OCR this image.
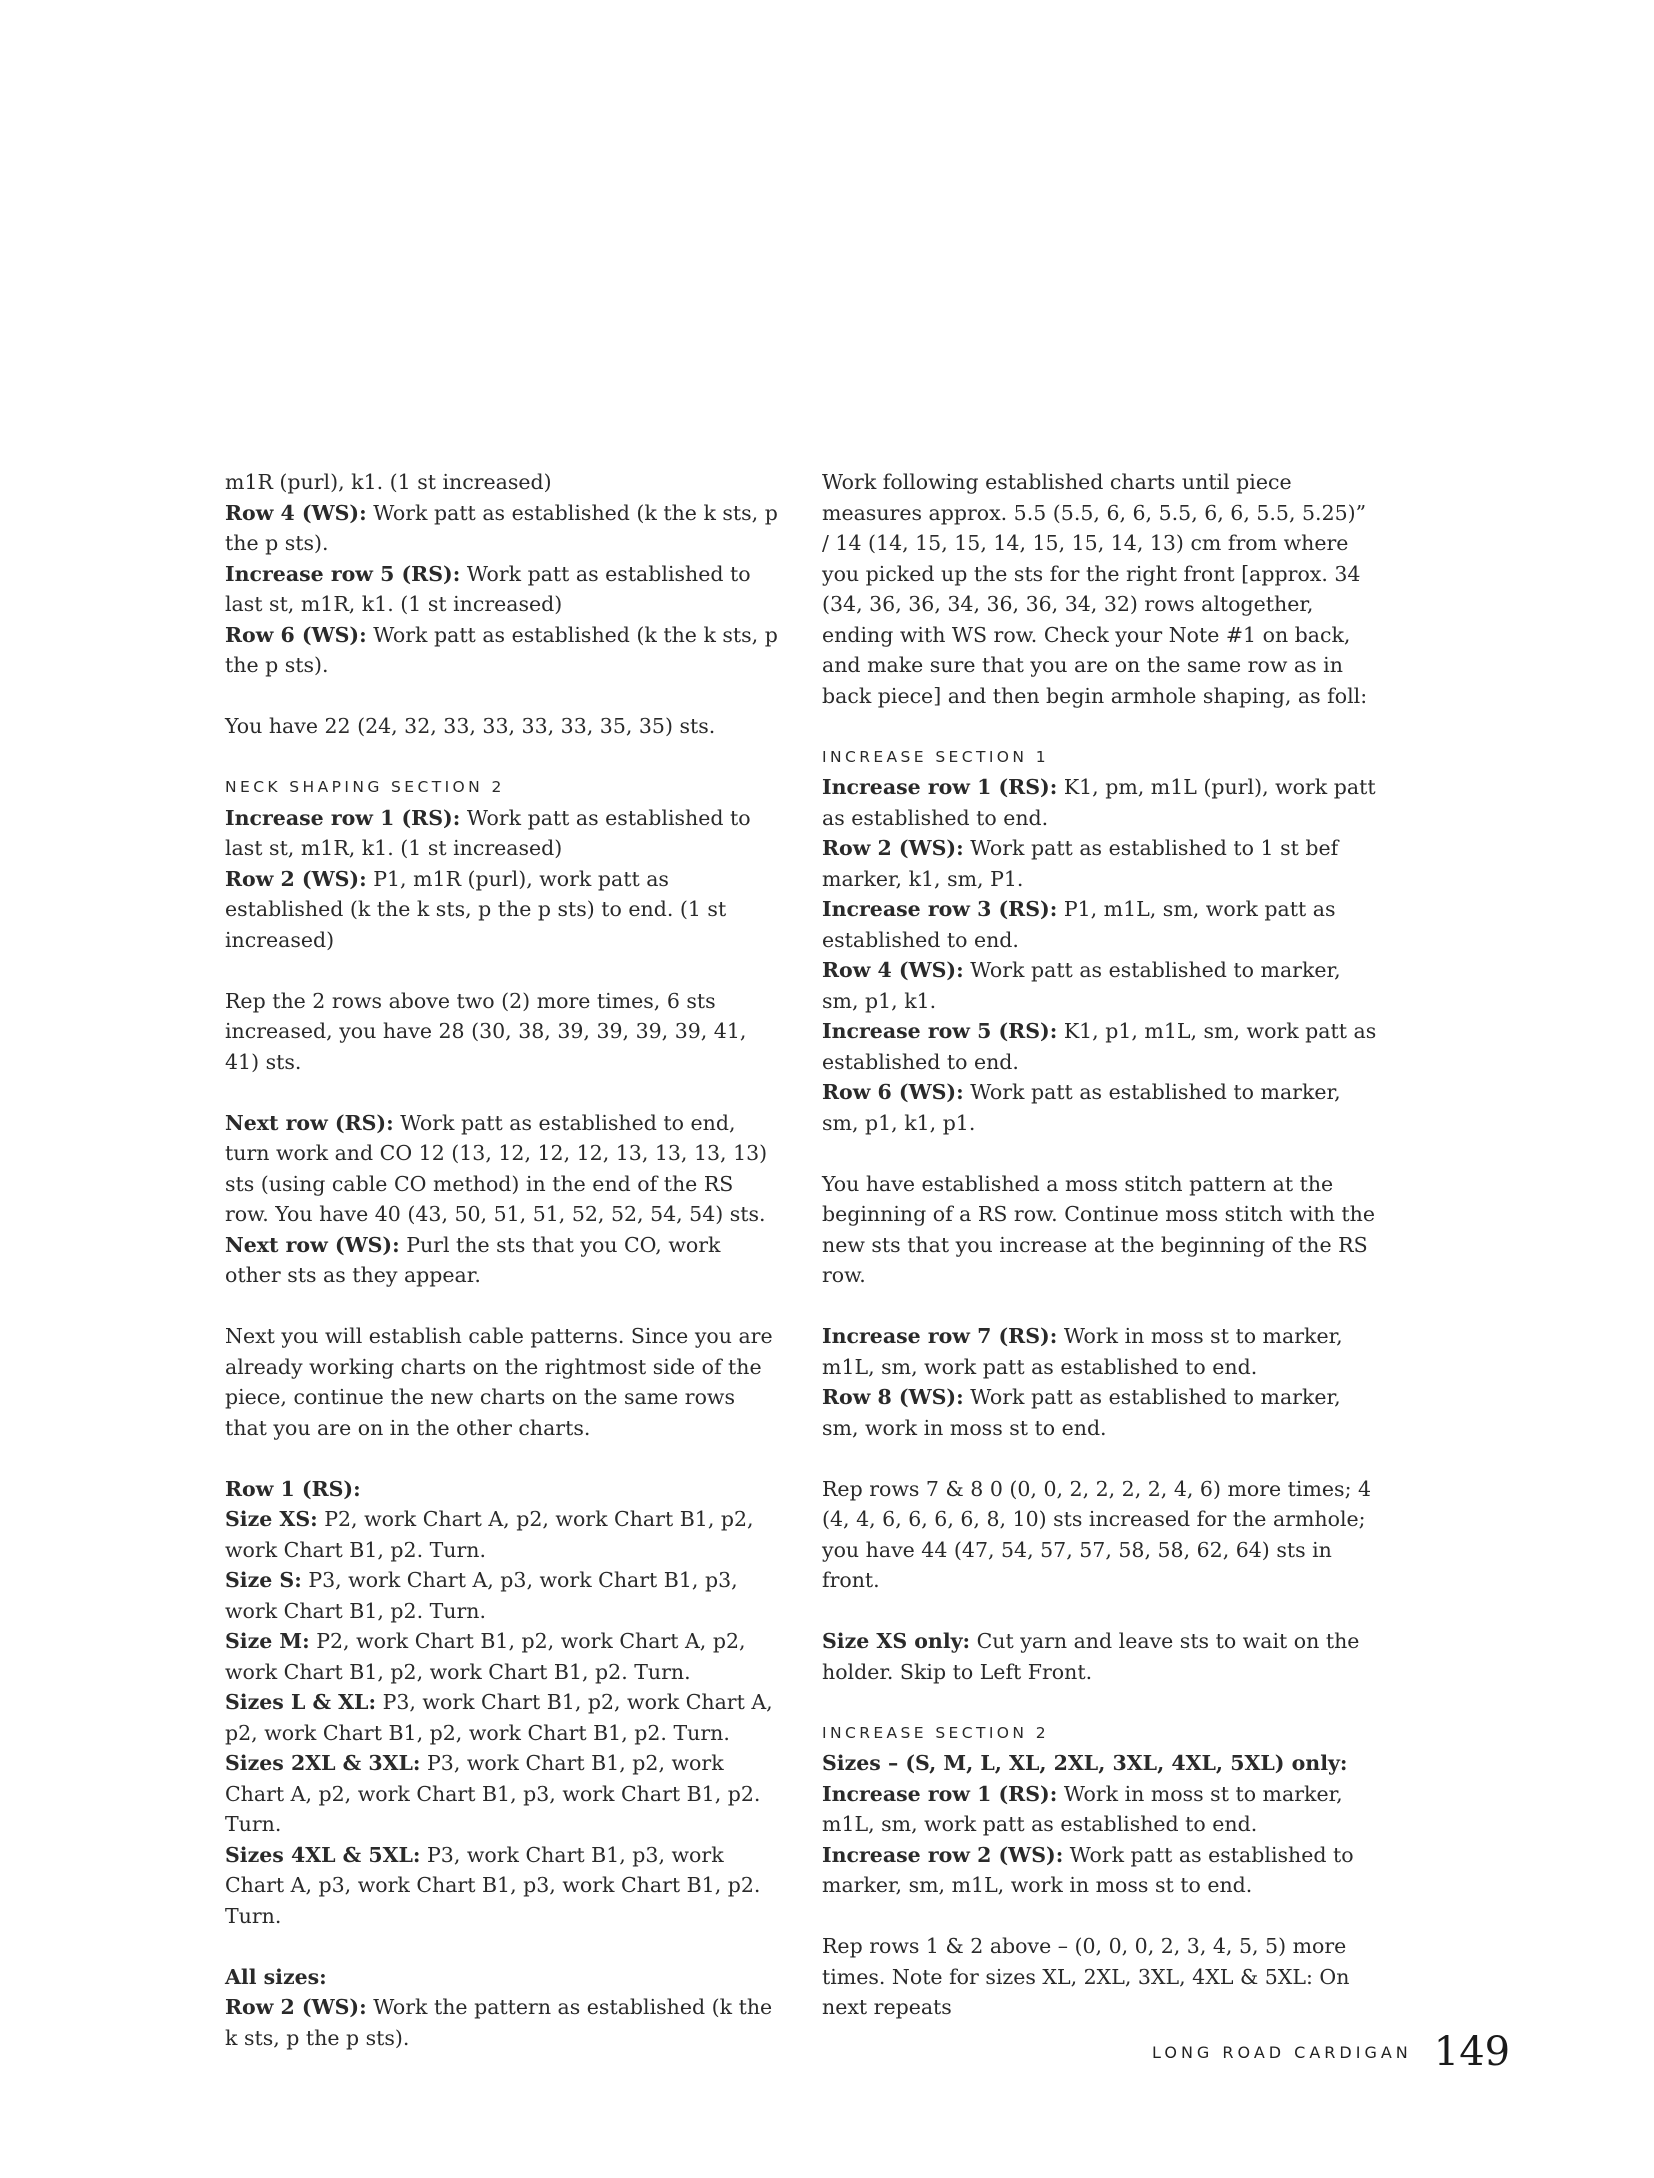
m1R (purl), k1. (1 st increased)
Row 4 (WS): Work patt as established (k the k sts, p the p sts).
Increase row 5 (RS): Work patt as established to last st, m1R, k1. (1 st increased)
Row 6 (WS): Work patt as established (k the k sts, p the p sts).
You have 22 (24, 32, 33, 33, 33, 33, 35, 35) sts.
NECK SHAPING SECTION 2
Increase row 1 (RS): Work patt as established to last st, m1R, k1. (1 st increased)
Row 2 (WS): P1, m1R (purl), work patt as established (k the k sts, p the p sts) to end. (1 st increased)
Rep the 2 rows above two (2) more times, 6 sts increased, you have 28 (30, 38, 39, 39, 39, 39, 41, 41) sts.
Next row (RS): Work patt as established to end, turn work and CO 12 (13, 12, 12, 12, 13, 13, 13, 13) sts (using cable CO method) in the end of the RS row. You have 40 (43, 50, 51, 51, 52, 52, 54, 54) sts.
Next row (WS): Purl the sts that you CO, work other sts as they appear.
Next you will establish cable patterns. Since you are already working charts on the rightmost side of the piece, continue the new charts on the same rows that you are on in the other charts.
Row 1 (RS):
Size XS: P2, work Chart A, p2, work Chart B1, p2, work Chart B1, p2. Turn.
Size S: P3, work Chart A, p3, work Chart B1, p3, work Chart B1, p2. Turn.
Size M: P2, work Chart B1, p2, work Chart A, p2, work Chart B1, p2, work Chart B1, p2. Turn.
Sizes L & XL: P3, work Chart B1, p2, work Chart A, p2, work Chart B1, p2, work Chart B1, p2. Turn.
Sizes 2XL & 3XL: P3, work Chart B1, p2, work Chart A, p2, work Chart B1, p3, work Chart B1, p2. Turn.
Sizes 4XL & 5XL: P3, work Chart B1, p3, work Chart A, p3, work Chart B1, p3, work Chart B1, p2. Turn.
All sizes:
Row 2 (WS): Work the pattern as established (k the k sts, p the p sts).
Work following established charts until piece measures approx. 5.5 (5.5, 6, 6, 5.5, 6, 6, 5.5, 5.25)” / 14 (14, 15, 15, 14, 15, 15, 14, 13) cm from where you picked up the sts for the right front [approx. 34 (34, 36, 36, 34, 36, 36, 34, 32) rows altogether, ending with WS row. Check your Note #1 on back, and make sure that you are on the same row as in back piece] and then begin armhole shaping, as foll:
INCREASE SECTION 1
Increase row 1 (RS): K1, pm, m1L (purl), work patt as established to end.
Row 2 (WS): Work patt as established to 1 st bef marker, k1, sm, P1.
Increase row 3 (RS): P1, m1L, sm, work patt as established to end.
Row 4 (WS): Work patt as established to marker, sm, p1, k1.
Increase row 5 (RS): K1, p1, m1L, sm, work patt as established to end.
Row 6 (WS): Work patt as established to marker, sm, p1, k1, p1.
You have established a moss stitch pattern at the beginning of a RS row. Continue moss stitch with the new sts that you increase at the beginning of the RS row.
Increase row 7 (RS): Work in moss st to marker, m1L, sm, work patt as established to end.
Row 8 (WS): Work patt as established to marker, sm, work in moss st to end.
Rep rows 7 & 8 0 (0, 0, 2, 2, 2, 2, 4, 6) more times; 4 (4, 4, 6, 6, 6, 6, 8, 10) sts increased for the armhole; you have 44 (47, 54, 57, 57, 58, 58, 62, 64) sts in front.
Size XS only: Cut yarn and leave sts to wait on the holder. Skip to Left Front.
INCREASE SECTION 2
Sizes – (S, M, L, XL, 2XL, 3XL, 4XL, 5XL) only:
Increase row 1 (RS): Work in moss st to marker, m1L, sm, work patt as established to end.
Increase row 2 (WS): Work patt as established to marker, sm, m1L, work in moss st to end.
Rep rows 1 & 2 above – (0, 0, 0, 2, 3, 4, 5, 5) more times. Note for sizes XL, 2XL, 3XL, 4XL & 5XL: On next repeats
LONG ROAD CARDIGAN 149
